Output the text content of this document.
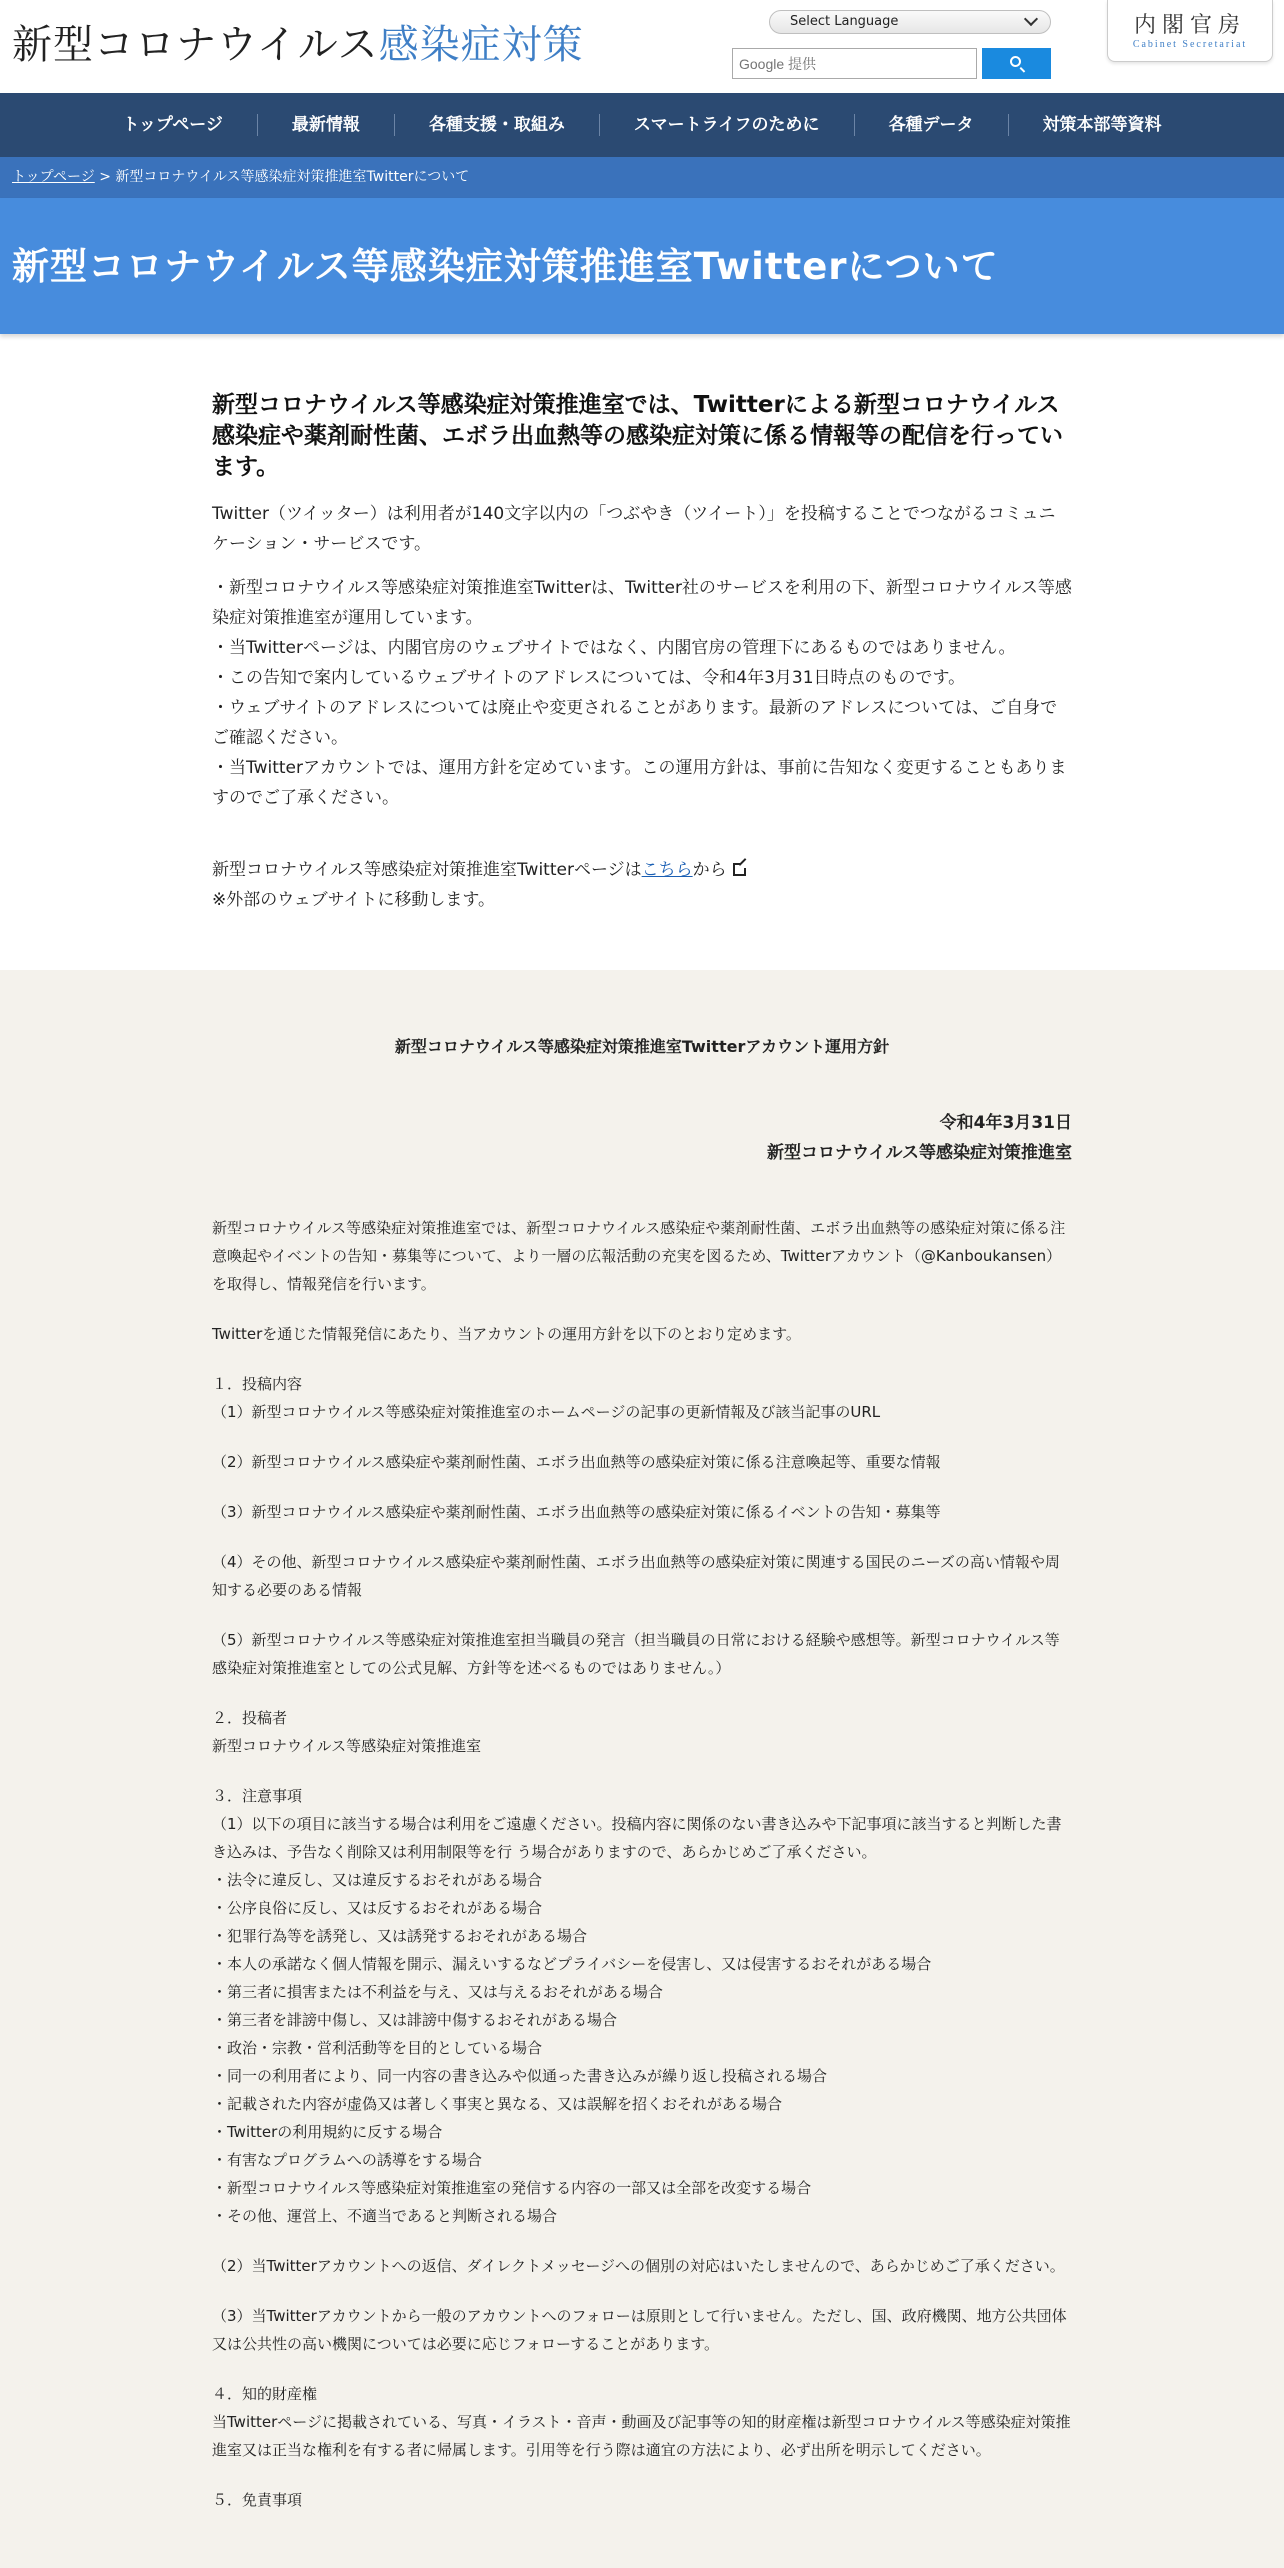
新型コロナウイルス感染症対策
Select Language
Google 提供	内閣官房
Cabinet Secretariat
トップページ	最新情報	各種支援・取組み	スマートライフのために	各種データ	対策本部等資料
トップページ > 新型コロナウイルス等感染症対策推進室Twitterについて
新型コロナウイルス等感染症対策推進室Twitterについて
新型コロナウイルス等感染症対策推進室では、Twitterによる新型コロナウイルス感染症や薬剤耐性菌、エボラ出血熱等の感染症対策に係る情報等の配信を行っています。

Twitter（ツイッター）は利用者が140文字以内の「つぶやき（ツイート）」を投稿することでつながるコミュニケーション・サービスです。

・新型コロナウイルス等感染症対策推進室Twitterは、Twitter社のサービスを利用の下、新型コロナウイルス等感染症対策推進室が運用しています。
・当Twitterページは、内閣官房のウェブサイトではなく、内閣官房の管理下にあるものではありません。
・この告知で案内しているウェブサイトのアドレスについては、令和4年3月31日時点のものです。
・ウェブサイトのアドレスについては廃止や変更されることがあります。最新のアドレスについては、ご自身でご確認ください。
・当Twitterアカウントでは、運用方針を定めています。この運用方針は、事前に告知なく変更することもありますのでご了承ください。
新型コロナウイルス等感染症対策推進室Twitterページはこちらから
※外部のウェブサイトに移動します。
新型コロナウイルス等感染症対策推進室Twitterアカウント運用方針
令和4年3月31日
新型コロナウイルス等感染症対策推進室

新型コロナウイルス等感染症対策推進室では、新型コロナウイルス感染症や薬剤耐性菌、エボラ出血熱等の感染症対策に係る注意喚起やイベントの告知・募集等について、より一層の広報活動の充実を図るため、Twitterアカウント（@Kanboukansen）を取得し、情報発信を行います。

Twitterを通じた情報発信にあたり、当アカウントの運用方針を以下のとおり定めます。

１．投稿内容

（1）新型コロナウイルス等感染症対策推進室のホームページの記事の更新情報及び該当記事のURL

（2）新型コロナウイルス感染症や薬剤耐性菌、エボラ出血熱等の感染症対策に係る注意喚起等、重要な情報

（3）新型コロナウイルス感染症や薬剤耐性菌、エボラ出血熱等の感染症対策に係るイベントの告知・募集等

（4）その他、新型コロナウイルス感染症や薬剤耐性菌、エボラ出血熱等の感染症対策に関連する国民のニーズの高い情報や周知する必要のある情報

（5）新型コロナウイルス等感染症対策推進室担当職員の発言（担当職員の日常における経験や感想等。新型コロナウイルス等感染症対策推進室としての公式見解、方針等を述べるものではありません。）

２．投稿者

新型コロナウイルス等感染症対策推進室

３．注意事項
（1）以下の項目に該当する場合は利用をご遠慮ください。投稿内容に関係のない書き込みや下記事項に該当すると判断した書き込みは、予告なく削除又は利用制限等を行 う場合がありますので、あらかじめご了承ください。
・法令に違反し、又は違反するおそれがある場合
・公序良俗に反し、又は反するおそれがある場合
・犯罪行為等を誘発し、又は誘発するおそれがある場合
・本人の承諾なく個人情報を開示、漏えいするなどプライバシーを侵害し、又は侵害するおそれがある場合
・第三者に損害または不利益を与え、又は与えるおそれがある場合
・第三者を誹謗中傷し、又は誹謗中傷するおそれがある場合
・政治・宗教・営利活動等を目的としている場合
・同一の利用者により、同一内容の書き込みや似通った書き込みが繰り返し投稿される場合
・記載された内容が虚偽又は著しく事実と異なる、又は誤解を招くおそれがある場合
・Twitterの利用規約に反する場合
・有害なプログラムへの誘導をする場合
・新型コロナウイルス等感染症対策推進室の発信する内容の一部又は全部を改変する場合

・その他、運営上、不適当であると判断される場合

（2）当Twitterアカウントへの返信、ダイレクトメッセージへの個別の対応はいたしませんので、あらかじめご了承ください。

（3）当Twitterアカウントから一般のアカウントへのフォローは原則として行いません。ただし、国、政府機関、地方公共団体又は公共性の高い機関については必要に応じフォローすることがあります。

４．知的財産権

当Twitterページに掲載されている、写真・イラスト・音声・動画及び記事等の知的財産権は新型コロナウイルス等感染症対策推進室又は正当な権利を有する者に帰属します。引用等を行う際は適宜の方法により、必ず出所を明示してください。

５．免責事項
